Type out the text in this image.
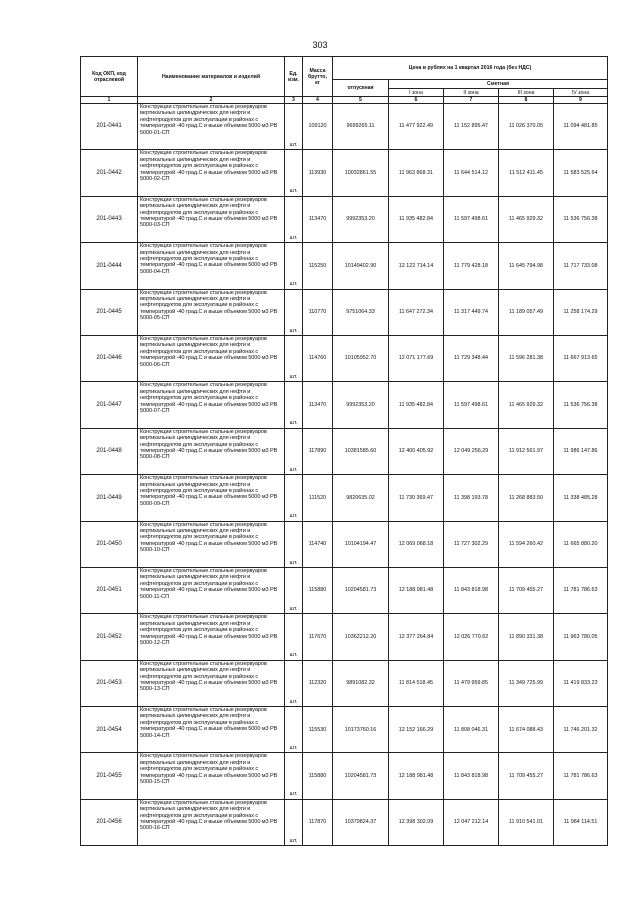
303
Код ОКП, код отраслевой	Наименование материалов и изделий	Ед. изм.	Масса брутто, кг	Цена в рублях на 1 квартал 2016 года (без НДС)				
				отпускная	Сметная			
					I зона	II зона	III зона	IV зона
1	2	3	4	5	6	7	8	9
201-0441	Конструкции строительные стальные резервуаров вертикальных цилиндрических для нефти и нефтепродуктов для эксплуатации в районах с температурой -40 град.С и выше объемом 5000 м3 РВ 5000-01-СП	шт.	109120	9699265.11	11 477 922.49	11 152 895.47	11 026 370.05	11 094 481.85
201-0442	Конструкции строительные стальные резервуаров вертикальных цилиндрических для нефти и нефтепродуктов для эксплуатации в районах с температурой -40 град.С и выше объемом 5000 м3 РВ 5000-02-СП	шт.	113930	10032861.55	11 963 868.31	11 644 514.12	11 512 411.45	11 583 525.64
201-0443	Конструкции строительные стальные резервуаров вертикальных цилиндрических для нефти и нефтепродуктов для эксплуатации в районах с температурой -40 град.С и выше объемом 5000 м3 РВ 5000-03-СП	шт.	113470	9992353.20	11 935 482.84	11 597 498.61	11 465 929.32	11 536 756.38
201-0444	Конструкции строительные стальные резервуаров вертикальных цилиндрических для нефти и нефтепродуктов для эксплуатации в районах с температурой -40 град.С и выше объемом 5000 м3 РВ 5000-04-СП	шт.	115250	10149402.90	12 122 714.14	11 779 428.18	11 645 794.98	11 717 733.08
201-0445	Конструкции строительные стальные резервуаров вертикальных цилиндрических для нефти и нефтепродуктов для эксплуатации в районах с температурой -40 град.С и выше объемом 5000 м3 РВ 5000-05-СП	шт.	110770	9751064.33	11 647 272.34	11 317 449.74	11 189 057.49	11 258 174.29
201-0446	Конструкции строительные стальные резервуаров вертикальных цилиндрических для нефти и нефтепродуктов для эксплуатации в районах с температурой -40 град.С и выше объемом 5000 м3 РВ 5000-06-СП	шт.	114760	10105952.70	12 071 177.69	11 729 348.44	11 596 281.38	11 667 913.65
201-0447	Конструкции строительные стальные резервуаров вертикальных цилиндрических для нефти и нефтепродуктов для эксплуатации в районах с температурой -40 град.С и выше объемом 5000 м3 РВ 5000-07-СП	шт.	113470	9992353.20	11 935 482.84	11 597 498.61	11 465 929.32	11 536 756.38
201-0448	Конструкции строительные стальные резервуаров вертикальных цилиндрических для нефти и нефтепродуктов для эксплуатации в районах с температурой -40 град.С и выше объемом 5000 м3 РВ 5000-08-СП	шт.	117890	10381585.60	12 400 405.92	12 049 256.29	11 912 561.97	11 986 147.86
201-0449	Конструкции строительные стальные резервуаров вертикальных цилиндрических для нефти и нефтепродуктов для эксплуатации в районах с температурой -40 град.С и выше объемом 5000 м3 РВ 5000-09-СП	шт.	111520	9820635.02	11 730 369.47	11 398 193.78	11 268 883.50	11 338 485.28
201-0450	Конструкции строительные стальные резервуаров вертикальных цилиндрических для нефти и нефтепродуктов для эксплуатации в районах с температурой -40 град.С и выше объемом 5000 м3 РВ 5000-10-СП	шт.	114740	10104194.47	12 069 068.18	11 727 302.29	11 594 260.42	11 665 880.20
201-0451	Конструкции строительные стальные резервуаров вертикальных цилиндрических для нефти и нефтепродуктов для эксплуатации в районах с температурой -40 град.С и выше объемом 5000 м3 РВ 5000-11-СП	шт.	115880	10204581.73	12 188 981.48	11 843 818.98	11 709 455.27	11 781 786.63
201-0452	Конструкции строительные стальные резервуаров вертикальных цилиндрических для нефти и нефтепродуктов для эксплуатации в районах с температурой -40 град.С и выше объемом 5000 м3 РВ 5000-12-СП	шт.	117670	10362212.20	12 377 264.84	12 026 770.62	11 890 331.38	11 963 780.05
201-0453	Конструкции строительные стальные резервуаров вертикальных цилиндрических для нефти и нефтепродуктов для эксплуатации в районах с температурой -40 град.С и выше объемом 5000 м3 РВ 5000-13-СП	шт.	112320	9891082.32	11 814 518.45	11 479 959.85	11 349 725.99	11 419 833.23
201-0454	Конструкции строительные стальные резервуаров вертикальных цилиндрических для нефти и нефтепродуктов для эксплуатации в районах с температурой -40 град.С и выше объемом 5000 м3 РВ 5000-14-СП	шт.	115530	10173760.16	12 152 166.29	11 808 046.31	11 674 088.43	11 746 201.32
201-0455	Конструкции строительные стальные резервуаров вертикальных цилиндрических для нефти и нефтепродуктов для эксплуатации в районах с температурой -40 град.С и выше объемом 5000 м3 РВ 5000-15-СП	шт.	115880	10204581.73	12 188 981.48	11 843 818.98	11 709 455.27	11 781 786.63
201-0456	Конструкции строительные стальные резервуаров вертикальных цилиндрических для нефти и нефтепродуктов для эксплуатации в районах с температурой -40 град.С и выше объемом 5000 м3 РВ 5000-16-СП	шт.	117870	10379824.37	12 398 302.09	12 047 212.14	11 910 541.01	11 984 114.51
